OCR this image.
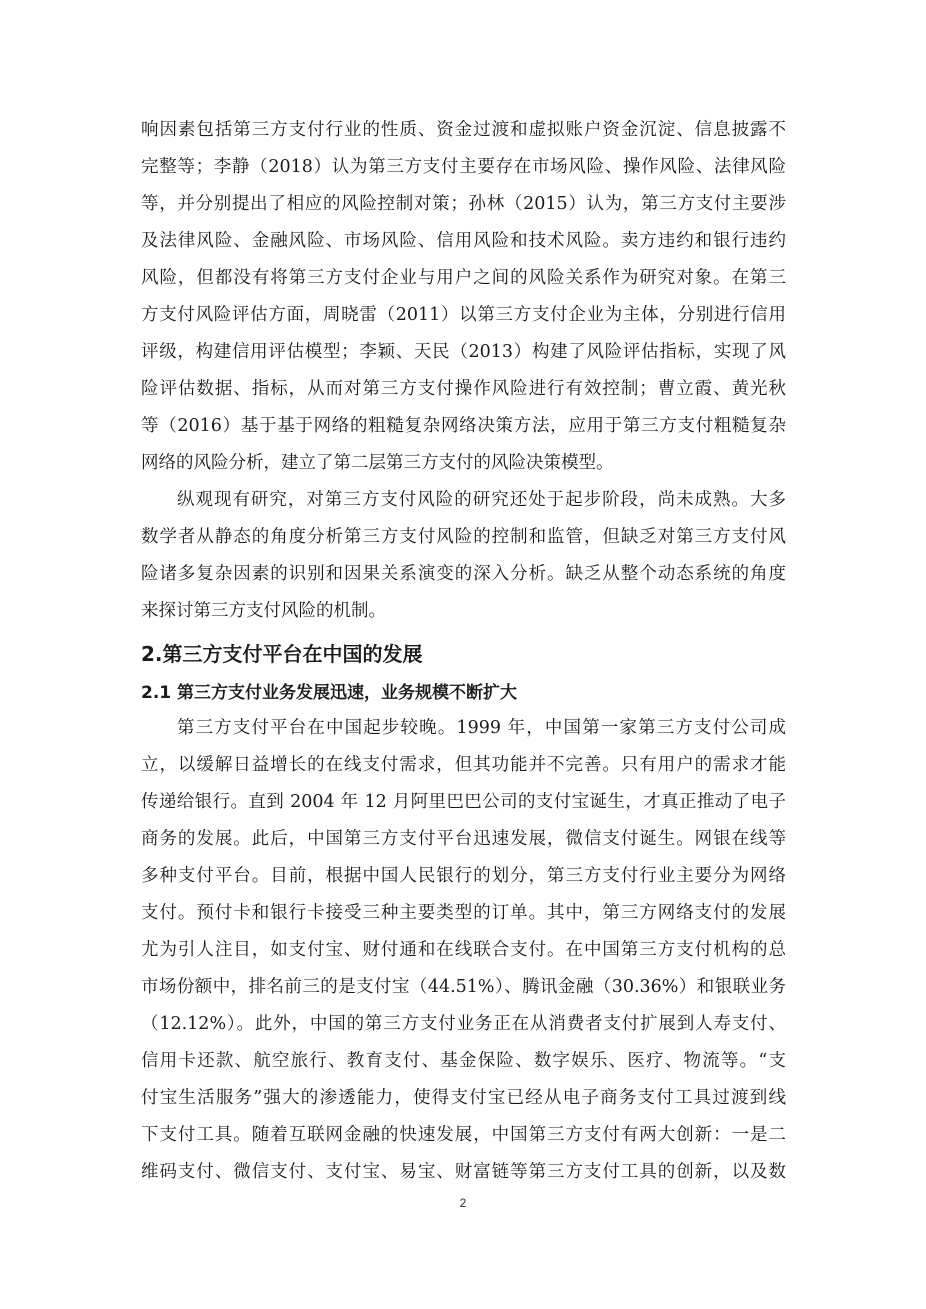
响因素包括第三方支付行业的性质、资金过渡和虚拟账户资金沉淀、信息披露不
完整等；李静（2018）认为第三方支付主要存在市场风险、操作风险、法律风险
等，并分别提出了相应的风险控制对策；孙林（2015）认为，第三方支付主要涉
及法律风险、金融风险、市场风险、信用风险和技术风险。卖方违约和银行违约
风险，但都没有将第三方支付企业与用户之间的风险关系作为研究对象。在第三
方支付风险评估方面，周晓雷（2011）以第三方支付企业为主体，分别进行信用
评级，构建信用评估模型；李颖、天民（2013）构建了风险评估指标，实现了风
险评估数据、指标，从而对第三方支付操作风险进行有效控制；曹立霞、黄光秋
等（2016）基于基于网络的粗糙复杂网络决策方法，应用于第三方支付粗糙复杂
网络的风险分析，建立了第二层第三方支付的风险决策模型。
纵观现有研究，对第三方支付风险的研究还处于起步阶段，尚未成熟。大多
数学者从静态的角度分析第三方支付风险的控制和监管，但缺乏对第三方支付风
险诸多复杂因素的识别和因果关系演变的深入分析。缺乏从整个动态系统的角度
来探讨第三方支付风险的机制。
2.第三方支付平台在中国的发展
2.1 第三方支付业务发展迅速，业务规模不断扩大
第三方支付平台在中国起步较晚。1999 年，中国第一家第三方支付公司成
立，以缓解日益增长的在线支付需求，但其功能并不完善。只有用户的需求才能
传递给银行。直到 2004 年 12 月阿里巴巴公司的支付宝诞生，才真正推动了电子
商务的发展。此后，中国第三方支付平台迅速发展，微信支付诞生。网银在线等
多种支付平台。目前，根据中国人民银行的划分，第三方支付行业主要分为网络
支付。预付卡和银行卡接受三种主要类型的订单。其中，第三方网络支付的发展
尤为引人注目，如支付宝、财付通和在线联合支付。在中国第三方支付机构的总
市场份额中，排名前三的是支付宝（44.51%）、腾讯金融（30.36%）和银联业务
（12.12%）。此外，中国的第三方支付业务正在从消费者支付扩展到人寿支付、
信用卡还款、航空旅行、教育支付、基金保险、数字娱乐、医疗、物流等。“支
付宝生活服务”强大的渗透能力，使得支付宝已经从电子商务支付工具过渡到线
下支付工具。随着互联网金融的快速发展，中国第三方支付有两大创新：一是二
维码支付、微信支付、支付宝、易宝、财富链等第三方支付工具的创新，以及数
2
